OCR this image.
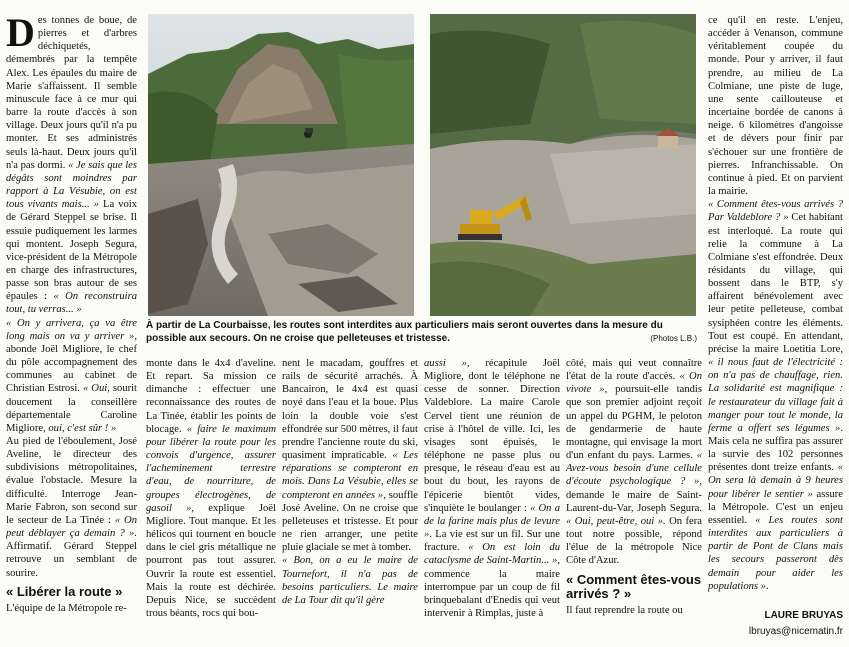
D es tonnes de boue, de pierres et d'arbres déchiquetés, démembrés par la tempête Alex. Les épaules du maire de Marie s'affaissent. Il semble minuscule face à ce mur qui barre la route d'accès à son village. Deux jours qu'il n'a pu monter. Et ses administrés seuls là-haut. Deux jours qu'il n'a pas dormi. « Je sais que les dégâts sont moindres par rapport à La Vésubie, on est tous vivants mais... » La voix de Gérard Steppel se brise. Il essuie pudiquement les larmes qui montent. Joseph Segura, vice-président de la Métropole en charge des infrastructures, passe son bras autour de ses épaules : « On reconstruira tout, tu verras... »

« On y arrivera, ça va être long mais on va y arriver », abonde Joël Migliore, le chef du pôle accompagnement des communes au cabinet de Christian Estrosi. « Oui, sourit doucement la conseillère départementale Caroline Migliore, oui, c'est sûr ! »

Au pied de l'éboulement, José Aveline, le directeur des subdivisions métropolitaines, évalue l'obstacle. Mesure la difficulté. Interroge Jean-Marie Fabron, son second sur le secteur de La Tinée : « On peut déblayer ça demain ? ». Affirmatif. Gérard Steppel retrouve un semblant de sourire.

« Libérer la route »

L'équipe de la Métropole re-

À partir de La Courbaisse, les routes sont interdites aux particuliers mais seront ouvertes dans la mesure du possible aux secours. On ne croise que pelleteuses et tristesse.	(Photos L.B.)

monte dans le 4x4 d'aveline. Et repart. Sa mission ce dimanche : effectuer une reconnaissance des routes de La Tinée, établir les points de blocage. « faire le maximum pour libérer la route pour les convois d'urgence, assurer l'acheminement terrestre d'eau, de nourriture, de groupes électrogènes, de gasoil », explique Joël Migliore. Tout manque. Et les hélicos qui tournent en boucle dans le ciel gris métallique ne pourront pas tout assurer. Ouvrir la route est essentiel. Mais la route est déchirée. Depuis Nice, se succèdent trous béants, rocs qui bou-

nent le macadam, gouffres et rails de sécurité arrachés. À Bancairon, le 4x4 est quasi noyé dans l'eau et la boue. Plus loin la double voie s'est effondrée sur 500 mètres, il faut prendre l'ancienne route du ski, quasiment impraticable. « Les réparations se compteront en mois. Dans La Vésubie, elles se compteront en années », souffle José Aveline. On ne croise que pelleteuses et tristesse. Et pour ne rien arranger, une petite pluie glaciale se met à tomber.

« Bon, on a eu le maire de Tournefort, il n'a pas de besoins particuliers. Le maire de La Tour dit qu'il gère

aussi », récapitule Joël Migliore, dont le téléphone ne cesse de sonner. Direction Valdeblore. La maire Carole Cervel tient une réunion de crise à l'hôtel de ville. Ici, les visages sont épuisés, le téléphone ne passe plus ou presque, le réseau d'eau est au bout du bout, les rayons de l'épicerie bientôt vides, s'inquiète le boulanger : « On a de la farine mais plus de levure ». La vie est sur un fil. Sur une fracture. « On est loin du cataclysme de Saint-Martin... », commence la maire interrompue par un coup de fil brinquebalant d'Enedis qui veut intervenir à Rimplas, juste à

côté, mais qui veut connaître l'état de la route d'accès. « On vivote », poursuit-elle tandis que son premier adjoint reçoit un appel du PGHM, le peloton de gendarmerie de haute montagne, qui envisage la mort d'un enfant du pays. Larmes. « Avez-vous besoin d'une cellule d'écoute psychologique ? », demande le maire de Saint-Laurent-du-Var, Joseph Segura. « Oui, peut-être, oui ». On fera tout notre possible, répond l'élue de la métropole Nice Côte d'Azur.

« Comment êtes-vous arrivés ? »

Il faut reprendre la route ou

ce qu'il en reste. L'enjeu, accéder à Venanson, commune véritablement coupée du monde. Pour y arriver, il faut prendre, au milieu de La Colmiane, une piste de luge, une sente caillouteuse et incertaine bordée de canons à neige. 6 kilomètres d'angoisse et de dévers pour finir par s'échouer sur une frontière de pierres. Infranchissable. On continue à pied. Et on parvient la mairie.

« Comment êtes-vous arrivés ? Par Valdeblore ? » Cet habitant est interloqué. La route qui relie la commune à La Colmiane s'est effondrée. Deux résidants du village, qui bossent dans le BTP, s'y affairent bénévolement avec leur petite pelleteuse, combat sysiphéen contre les éléments. Tout est coupé. En attendant, précise la maire Loetitia Lore, « il nous faut de l'électricité : on n'a pas de chauffage, rien. La solidarité est magnifique : le restaurateur du village fait à manger pour tout le monde, la ferme a offert ses légumes ». Mais cela ne suffira pas assurer la survie des 102 personnes présentes dont treize enfants. « On sera là demain à 9 heures pour libérer le sentier » assure la Métropole. C'est un enjeu essentiel. « Les routes sont interdites aux particuliers à partir de Pont de Clans mais les secours passeront dès demain pour aider les populations ».

LAURE BRUYAS
lbruyas@nicematin.fr
